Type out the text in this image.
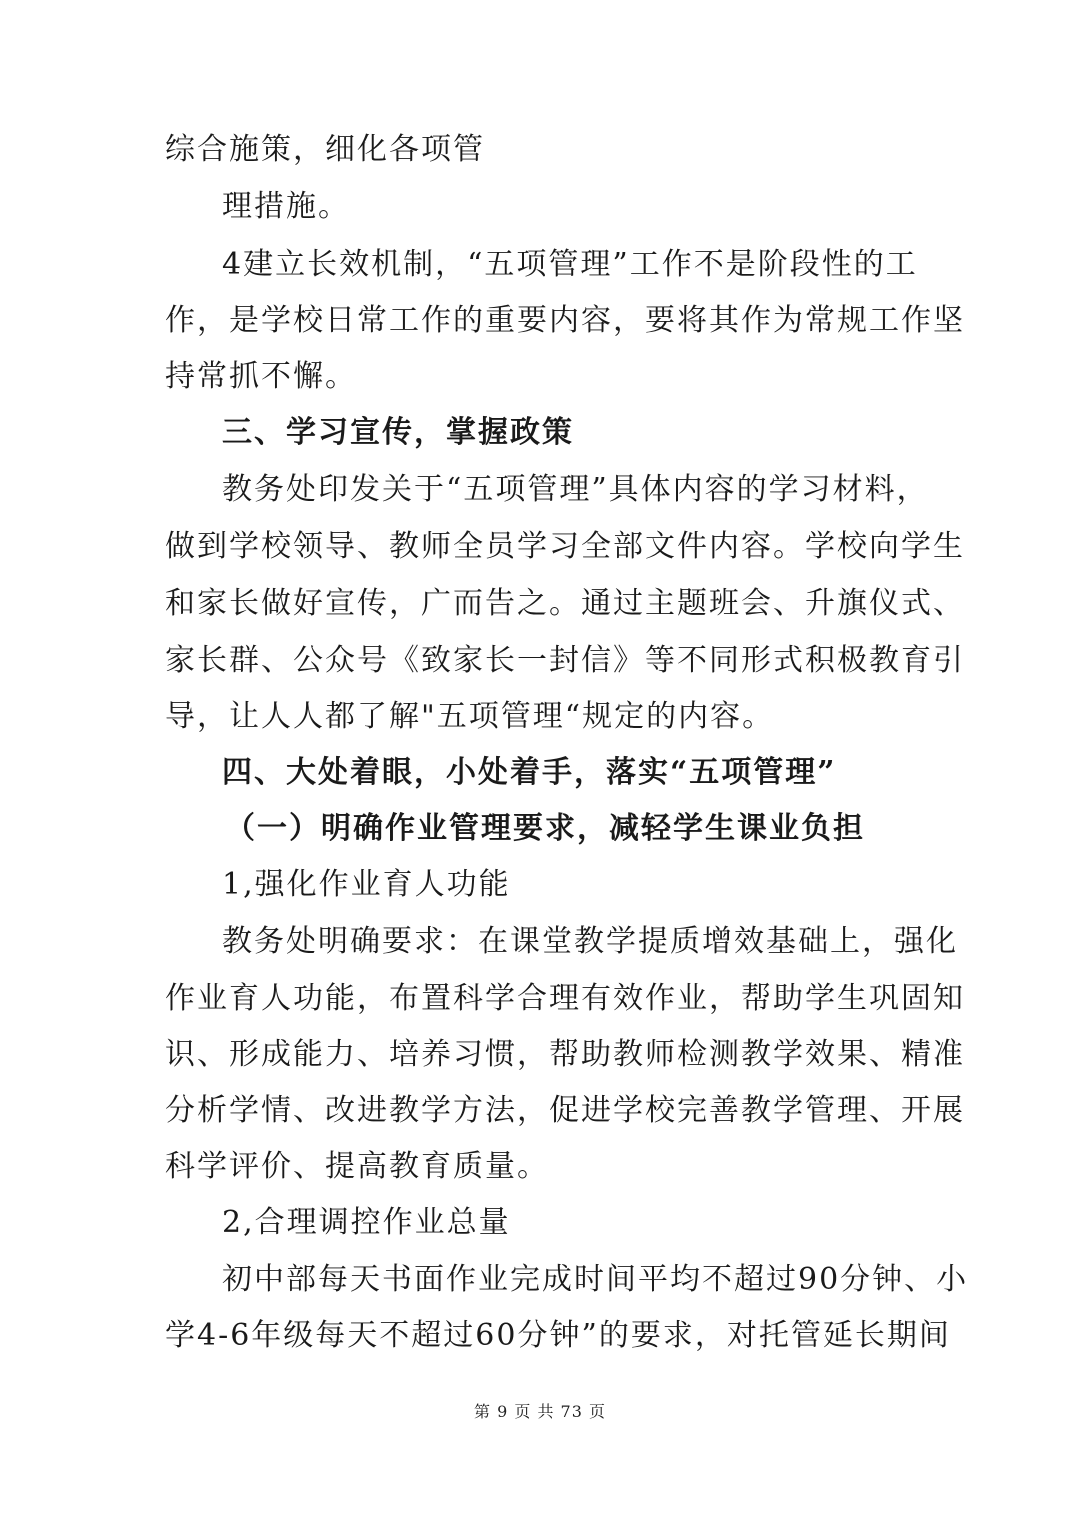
综合施策，细化各项管
理措施。
4建立长效机制，“五项管理”工作不是阶段性的工
作，是学校日常工作的重要内容，要将其作为常规工作坚
持常抓不懈。
三、学习宣传，掌握政策
教务处印发关于“五项管理”具体内容的学习材料，
做到学校领导、教师全员学习全部文件内容。学校向学生
和家长做好宣传，广而告之。通过主题班会、升旗仪式、
家长群、公众号《致家长一封信》等不同形式积极教育引
导，让人人都了解"五项管理“规定的内容。
四、大处着眼，小处着手，落实“五项管理”
（一）明确作业管理要求，减轻学生课业负担
1,强化作业育人功能
教务处明确要求：在课堂教学提质增效基础上，强化
作业育人功能，布置科学合理有效作业，帮助学生巩固知
识、形成能力、培养习惯，帮助教师检测教学效果、精准
分析学情、改进教学方法，促进学校完善教学管理、开展
科学评价、提高教育质量。
2,合理调控作业总量
初中部每天书面作业完成时间平均不超过90分钟、小
学4-6年级每天不超过60分钟”的要求，对托管延长期间
第 9 页 共 73 页
